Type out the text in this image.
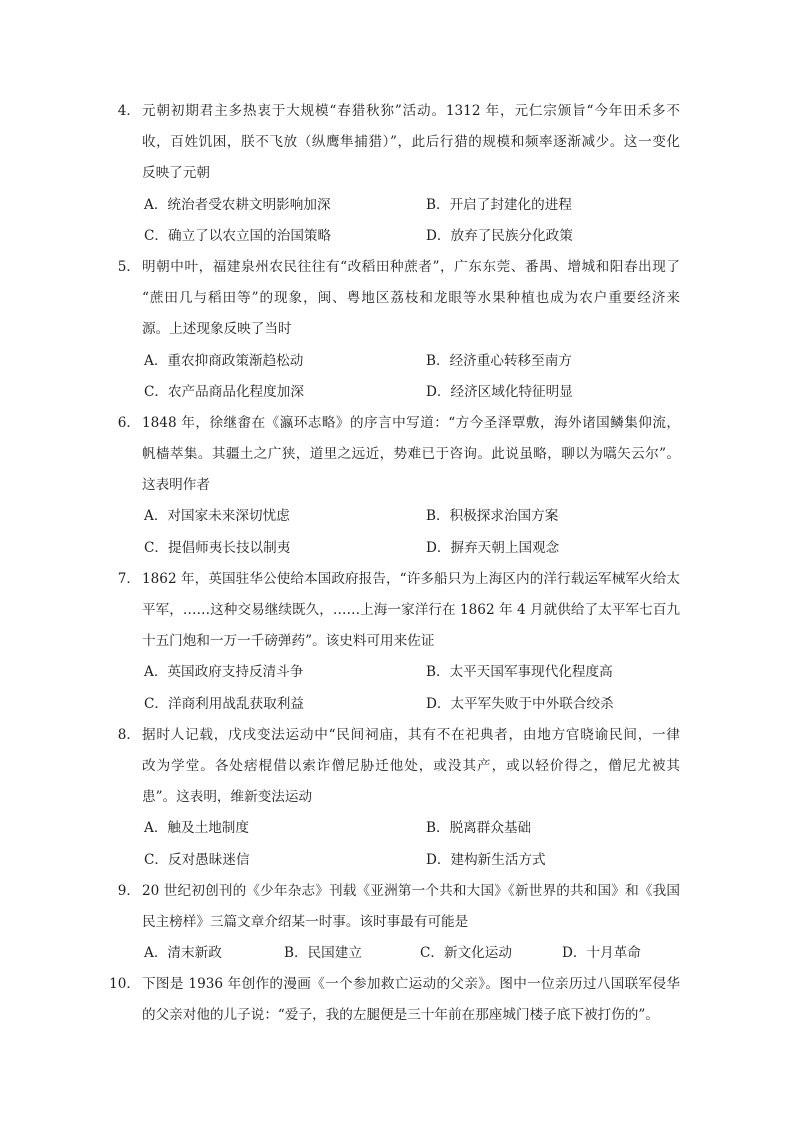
4． 元朝初期君主多热衷于大规模“春猎秋狝”活动。1312 年，元仁宗颁旨“今年田禾多不
收，百姓饥困，朕不飞放（纵鹰隼捕猎）”，此后行猎的规模和频率逐渐减少。这一变化
反映了元朝
A．统治者受农耕文明影响加深	B．开启了封建化的进程
C．确立了以农立国的治国策略	D．放弃了民族分化政策
5． 明朝中叶，福建泉州农民往往有“改稻田种蔗者”，广东东莞、番禺、增城和阳春出现了
“蔗田几与稻田等”的现象，闽、粤地区荔枝和龙眼等水果种植也成为农户重要经济来
源。上述现象反映了当时
A．重农抑商政策渐趋松动	B．经济重心转移至南方
C．农产品商品化程度加深	D．经济区域化特征明显
6． 1848 年，徐继畬在《瀛环志略》的序言中写道：“方今圣泽覃敷，海外诸国鳞集仰流，
帆樯萃集。其疆土之广狭，道里之远近，势难已于咨询。此说虽略，聊以为嚆矢云尔”。
这表明作者
A．对国家未来深切忧虑	B．积极探求治国方案
C．提倡师夷长技以制夷	D．摒弃天朝上国观念
7． 1862 年，英国驻华公使给本国政府报告，“许多船只为上海区内的洋行载运军械军火给太
平军，……这种交易继续既久，……上海一家洋行在 1862 年 4 月就供给了太平军七百九
十五门炮和一万一千磅弹药”。该史料可用来佐证
A．英国政府支持反清斗争	B．太平天国军事现代化程度高
C．洋商利用战乱获取利益	D．太平军失败于中外联合绞杀
8． 据时人记载，戊戌变法运动中“民间祠庙，其有不在祀典者，由地方官晓谕民间，一律
改为学堂。各处痞棍借以索诈僧尼胁迁他处，或没其产，或以轻价得之，僧尼尤被其
患”。这表明，维新变法运动
A．触及土地制度	B．脱离群众基础
C．反对愚昧迷信	D．建构新生活方式
9． 20 世纪初创刊的《少年杂志》刊载《亚洲第一个共和大国》《新世界的共和国》和《我国
民主榜样》三篇文章介绍某一时事。该时事最有可能是
A．清末新政	B．民国建立	C．新文化运动	D．十月革命
10． 下图是 1936 年创作的漫画《一个参加救亡运动的父亲》。图中一位亲历过八国联军侵华
的父亲对他的儿子说：“爱子，我的左腿便是三十年前在那座城门楼子底下被打伤的”。
